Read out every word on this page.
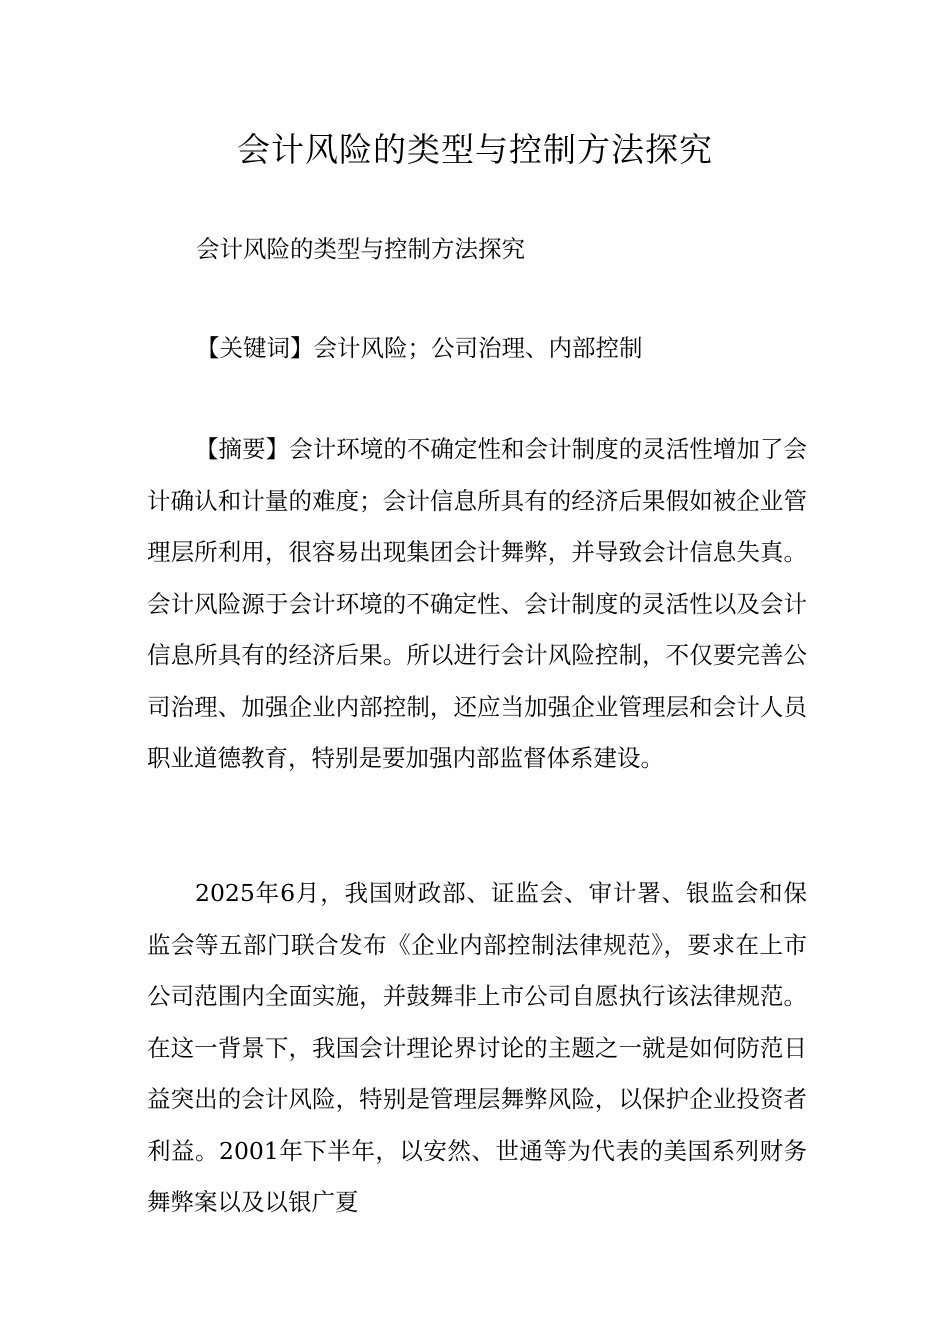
会计风险的类型与控制方法探究

会计风险的类型与控制方法探究

【关键词】会计风险；公司治理、内部控制

【摘要】会计环境的不确定性和会计制度的灵活性增加了会计确认和计量的难度；会计信息所具有的经济后果假如被企业管理层所利用，很容易出现集团会计舞弊，并导致会计信息失真。会计风险源于会计环境的不确定性、会计制度的灵活性以及会计信息所具有的经济后果。所以进行会计风险控制，不仅要完善公司治理、加强企业内部控制，还应当加强企业管理层和会计人员职业道德教育，特别是要加强内部监督体系建设。

2025年6月，我国财政部、证监会、审计署、银监会和保监会等五部门联合发布《企业内部控制法律规范》，要求在上市公司范围内全面实施，并鼓舞非上市公司自愿执行该法律规范。在这一背景下，我国会计理论界讨论的主题之一就是如何防范日益突出的会计风险，特别是管理层舞弊风险，以保护企业投资者利益。2001年下半年，以安然、世通等为代表的美国系列财务舞弊案以及以银广夏
